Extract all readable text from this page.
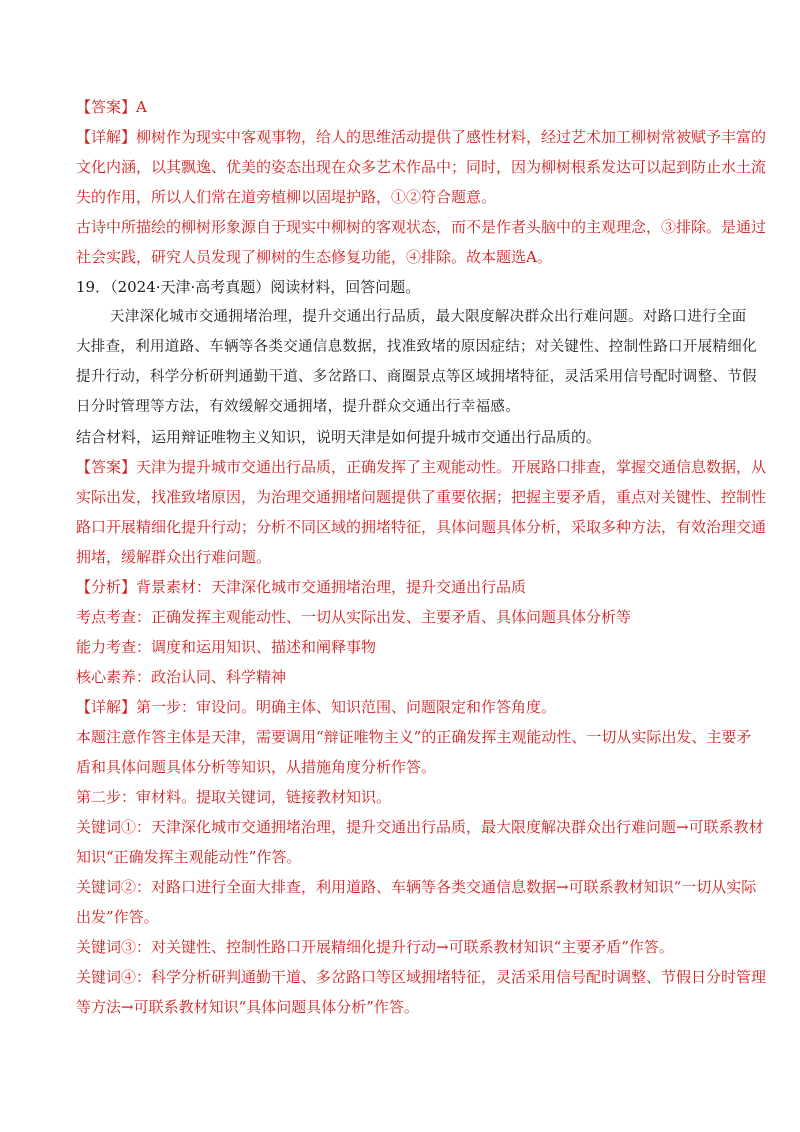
【答案】A

【详解】柳树作为现实中客观事物，给人的思维活动提供了感性材料，经过艺术加工柳树常被赋予丰富的

文化内涵，以其飘逸、优美的姿态出现在众多艺术作品中；同时，因为柳树根系发达可以起到防止水土流

失的作用，所以人们常在道旁植柳以固堤护路，①②符合题意。

古诗中所描绘的柳树形象源自于现实中柳树的客观状态，而不是作者头脑中的主观理念，③排除。是通过

社会实践，研究人员发现了柳树的生态修复功能，④排除。故本题选A。

19．（2024·天津·高考真题）阅读材料，回答问题。

天津深化城市交通拥堵治理，提升交通出行品质，最大限度解决群众出行难问题。对路口进行全面

大排查，利用道路、车辆等各类交通信息数据，找准致堵的原因症结；对关键性、控制性路口开展精细化

提升行动，科学分析研判通勤干道、多岔路口、商圈景点等区域拥堵特征，灵活采用信号配时调整、节假

日分时管理等方法，有效缓解交通拥堵，提升群众交通出行幸福感。

结合材料，运用辩证唯物主义知识，说明天津是如何提升城市交通出行品质的。

【答案】天津为提升城市交通出行品质，正确发挥了主观能动性。开展路口排查，掌握交通信息数据，从

实际出发，找准致堵原因，为治理交通拥堵问题提供了重要依据；把握主要矛盾，重点对关键性、控制性

路口开展精细化提升行动；分析不同区域的拥堵特征，具体问题具体分析，采取多种方法，有效治理交通

拥堵，缓解群众出行难问题。

【分析】背景素材：天津深化城市交通拥堵治理，提升交通出行品质

考点考查：正确发挥主观能动性、一切从实际出发、主要矛盾、具体问题具体分析等

能力考查：调度和运用知识、描述和阐释事物

核心素养：政治认同、科学精神

【详解】第一步：审设问。明确主体、知识范围、问题限定和作答角度。

本题注意作答主体是天津，需要调用“辩证唯物主义”的正确发挥主观能动性、一切从实际出发、主要矛

盾和具体问题具体分析等知识，从措施角度分析作答。

第二步：审材料。提取关键词，链接教材知识。

关键词①：天津深化城市交通拥堵治理，提升交通出行品质，最大限度解决群众出行难问题→可联系教材

知识“正确发挥主观能动性”作答。

关键词②：对路口进行全面大排查，利用道路、车辆等各类交通信息数据→可联系教材知识“一切从实际

出发”作答。

关键词③：对关键性、控制性路口开展精细化提升行动→可联系教材知识“主要矛盾”作答。

关键词④：科学分析研判通勤干道、多岔路口等区域拥堵特征，灵活采用信号配时调整、节假日分时管理

等方法→可联系教材知识“具体问题具体分析”作答。
